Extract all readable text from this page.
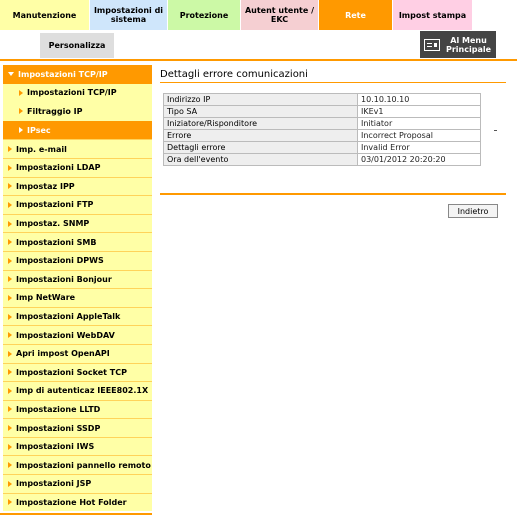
Manutenzione Impostazioni di
sistema	Protezione Autent utente /
EKC	Rete	Impost stampa
Personalizza
Al Menu
Principale
Impostazioni TCP/IP
Impostazioni TCP/IP
Filtraggio IP
IPsec
Imp. e-mail
Impostazioni LDAP
Impostaz IPP
Impostazioni FTP
Impostaz. SNMP
Impostazioni SMB
Impostazioni DPWS
Impostazioni Bonjour
Imp NetWare
Impostazioni AppleTalk
Impostazioni WebDAV
Apri impost OpenAPI
Impostazioni Socket TCP
Imp di autenticaz IEEE802.1X
Impostazione LLTD
Impostazioni SSDP
Impostazioni IWS
Impostazioni pannello remoto
Impostazioni JSP
Impostazione Hot Folder
Dettagli errore comunicazioni
Indirizzo IP	10.10.10.10
Tipo SA	IKEv1
Iniziatore/Risponditore	Initiator
Errore	Incorrect Proposal
Dettagli errore	Invalid Error
Ora dell'evento	03/01/2012 20:20:20
Indietro
